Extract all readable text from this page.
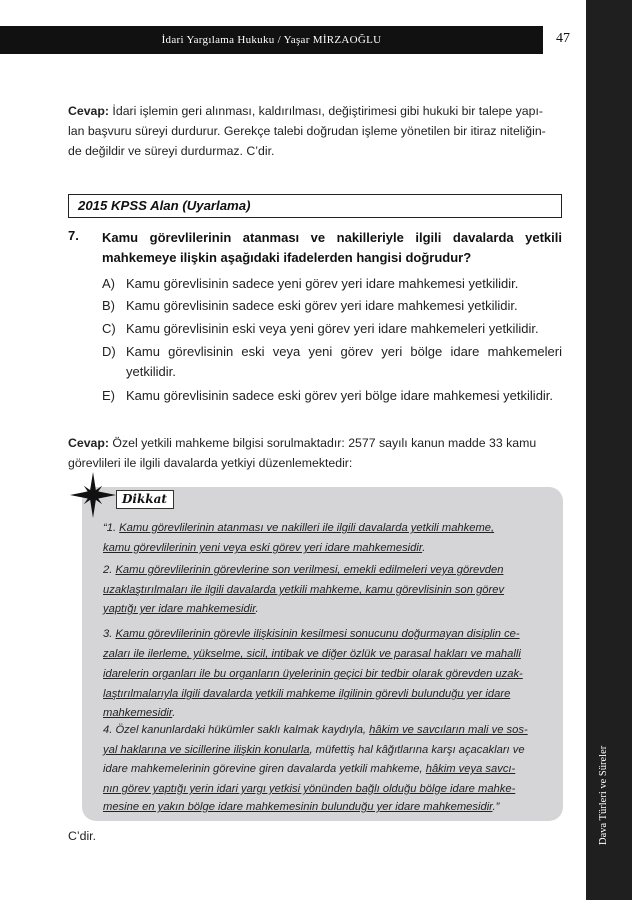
İdari Yargılama Hukuku / Yaşar MİRZAOĞLU	47
Dava Türleri ve Süreler
Cevap: İdari işlemin geri alınması, kaldırılması, değiştirimesi gibi hukuki bir talepe yapı-
lan başvuru süreyi durdurur. Gerekçe talebi doğrudan işleme yönetilen bir itiraz niteliğin-
de değildir ve süreyi durdurmaz. C’dir.
2015 KPSS Alan (Uyarlama)
7. Kamu görevlilerinin atanması ve nakilleriyle ilgili davalarda yetkili mahkemeye ilişkin aşağıdaki ifadelerden hangisi doğrudur?
A) Kamu görevlisinin sadece yeni görev yeri idare mahkemesi yetkilidir.
B) Kamu görevlisinin sadece eski görev yeri idare mahkemesi yetkilidir.
C) Kamu görevlisinin eski veya yeni görev yeri idare mahkemeleri yetkilidir.
D) Kamu görevlisinin eski veya yeni görev yeri bölge idare mahkemeleri yetkilidir.
E) Kamu görevlisinin sadece eski görev yeri bölge idare mahkemesi yetkilidir.
Cevap: Özel yetkili mahkeme bilgisi sorulmaktadır: 2577 sayılı kanun madde 33 kamu
görevlileri ile ilgili davalarda yetkiyi düzenlemektedir:
Dikkat
“1. Kamu görevlilerinin atanması ve nakilleri ile ilgili davalarda yetkili mahkeme,
kamu görevlilerinin yeni veya eski görev yeri idare mahkemesidir.
2. Kamu görevlilerinin görevlerine son verilmesi, emekli edilmeleri veya görevden
uzaklaştırılmaları ile ilgili davalarda yetkili mahkeme, kamu görevlisinin son görev
yaptığı yer idare mahkemesidir.
3. Kamu görevlilerinin görevle ilişkisinin kesilmesi sonucunu doğurmayan disiplin ce-
zaları ile ilerleme, yükselme, sicil, intibak ve diğer özlük ve parasal hakları ve mahalli
idarelerin organları ile bu organların üyelerinin geçici bir tedbir olarak görevden uzak-
laştırılmalarıyla ilgili davalarda yetkili mahkeme ilgilinin görevli bulunduğu yer idare
mahkemesidir.
4. Özel kanunlardaki hükümler saklı kalmak kaydıyla, hâkim ve savcıların mali ve sos-
yal haklarına ve sicillerine ilişkin konularla, müfettiş hal kâğıtlarına karşı açacakları ve
idare mahkemelerinin görevine giren davalarda yetkili mahkeme, hâkim veya savcı-
nın görev yaptığı yerin idari yargı yetkisi yönünden bağlı olduğu bölge idare mahke-
mesine en yakın bölge idare mahkemesinin bulunduğu yer idare mahkemesidir.”
C’dir.
